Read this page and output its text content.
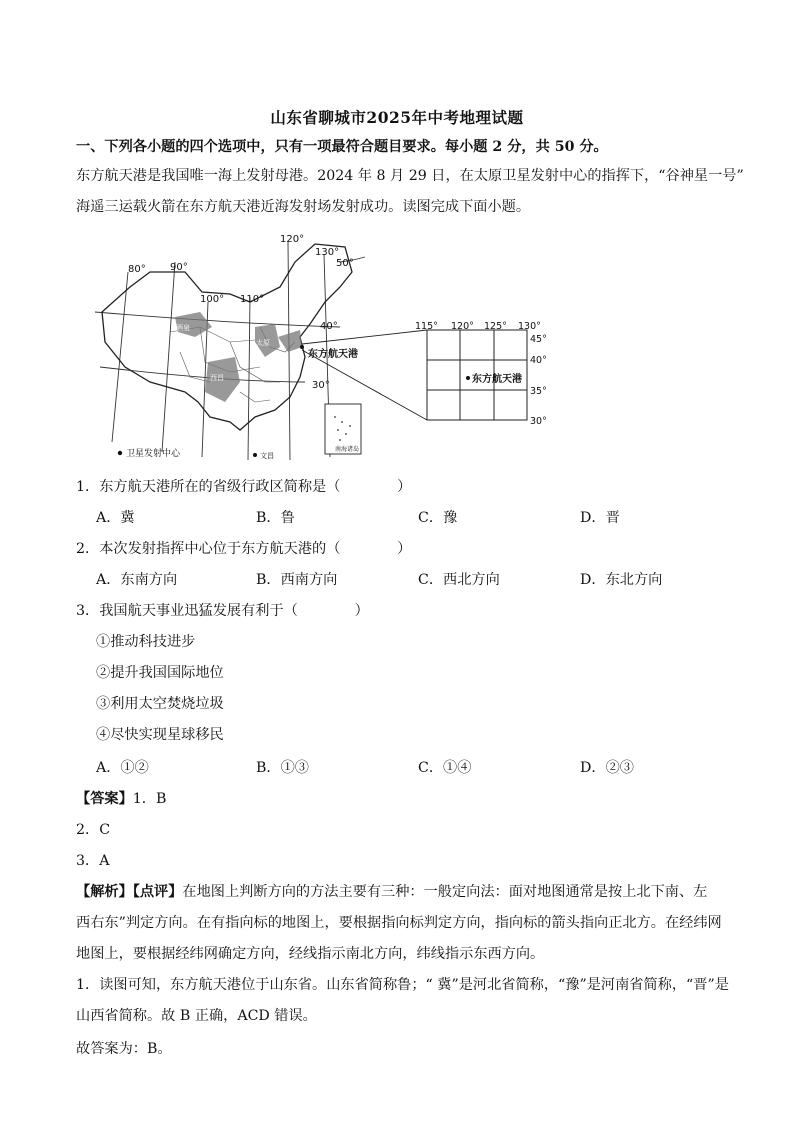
山东省聊城市2025年中考地理试题
一、下列各小题的四个选项中，只有一项最符合题目要求。每小题 2 分，共 50 分。
东方航天港是我国唯一海上发射母港。2024 年 8 月 29 日，在太原卫星发射中心的指挥下，“谷神星一号”
海遥三运载火箭在东方航天港近海发射场发射成功。读图完成下面小题。
南海诸岛
80° 90°
100° 110°
120°
130°
50°
40°
30°
酒泉
太原
西昌
文昌
卫星发射中心
东方航天港
115° 120° 125° 130°
45°
40°
35°
30°
东方航天港
1．东方航天港所在的省级行政区简称是（　　　　）
A．冀	B．鲁	C．豫	D．晋
2．本次发射指挥中心位于东方航天港的（　　　　）
A．东南方向	B．西南方向	C．西北方向	D．东北方向
3．我国航天事业迅猛发展有利于（　　　　）
①推动科技进步
②提升我国国际地位
③利用太空焚烧垃圾
④尽快实现星球移民
A．①②	B．①③	C．①④	D．②③
【答案】1．B
2．C
3．A
【解析】【点评】在地图上判断方向的方法主要有三种：一般定向法：面对地图通常是按上北下南、左
西右东”判定方向。在有指向标的地图上，要根据指向标判定方向，指向标的箭头指向正北方。在经纬网
地图上，要根据经纬网确定方向，经线指示南北方向，纬线指示东西方向。
1．读图可知，东方航天港位于山东省。山东省简称鲁；“ 冀”是河北省简称，“豫”是河南省简称，“晋”是
山西省简称。故 B 正确，ACD 错误。
故答案为：B。
